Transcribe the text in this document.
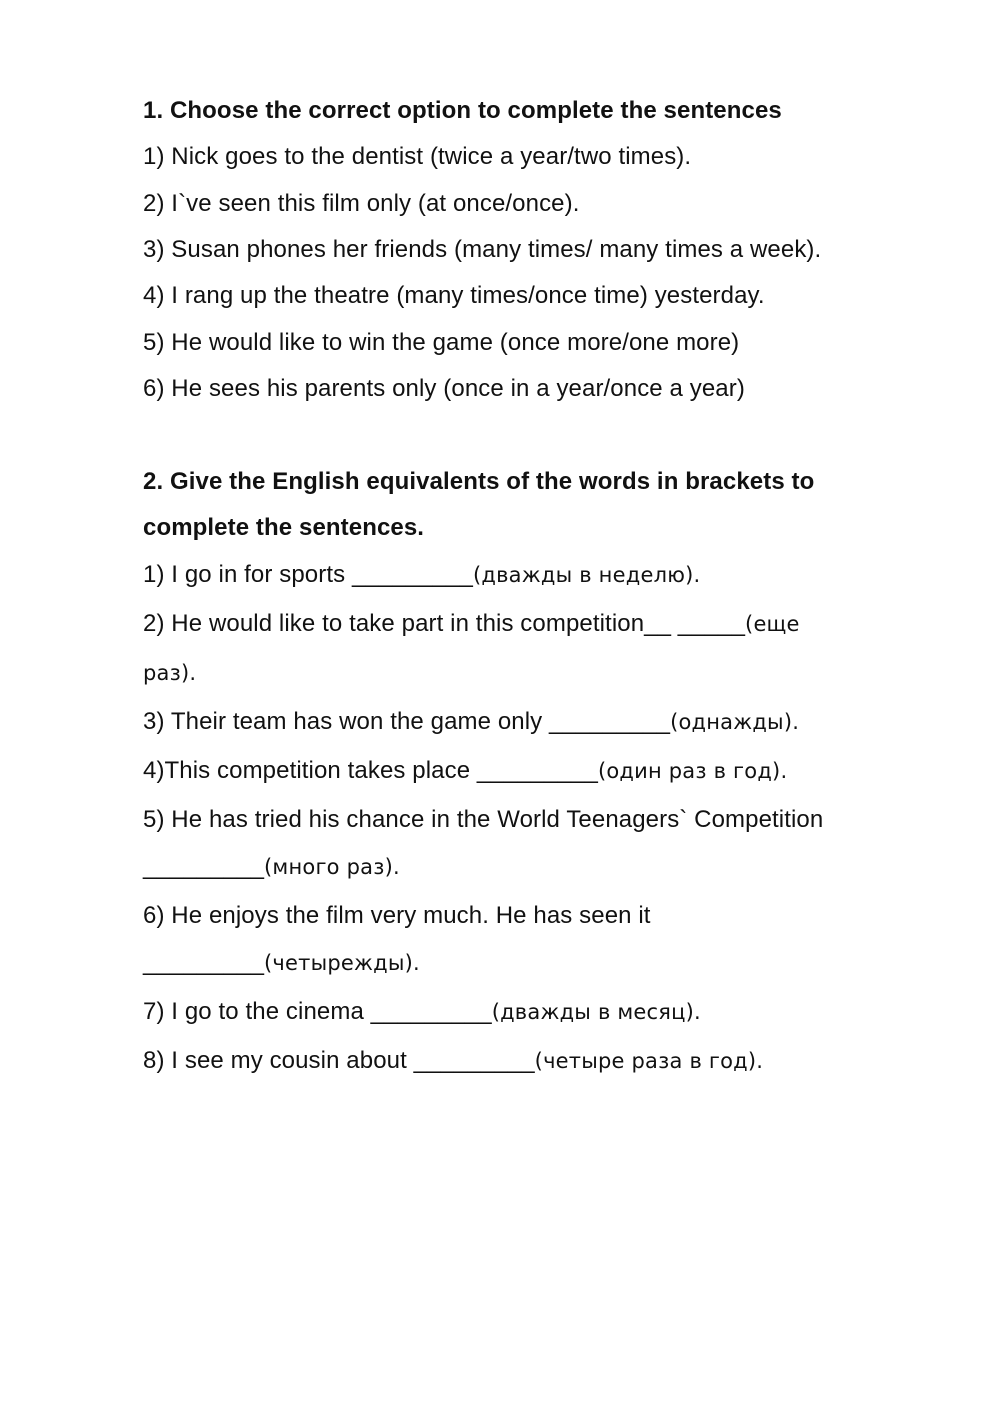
1. Choose the correct option to complete the sentences
1) Nick goes to the dentist (twice a year/two times).
2) I`ve seen this film only (at once/once).
3) Susan phones her friends (many times/ many times a week).
4) I rang up the theatre (many times/once time) yesterday.
5) He would like to win the game (once more/one more)
6) He sees his parents only (once in a year/once a year)
2. Give the English equivalents of the words in brackets to
complete the sentences.
1) I go in for sports _________(дважды в неделю).
2) He would like to take part in this competition__ _____(еще
раз).
3) Their team has won the game only _________(однажды).
4)This competition takes place _________(один раз в год).
5) He has tried his chance in the World Teenagers` Competition
_________(много раз).
6) He enjoys the film very much. He has seen it
_________(четырежды).
7) I go to the cinema _________(дважды в месяц).
8) I see my cousin about _________(четыре раза в год).
